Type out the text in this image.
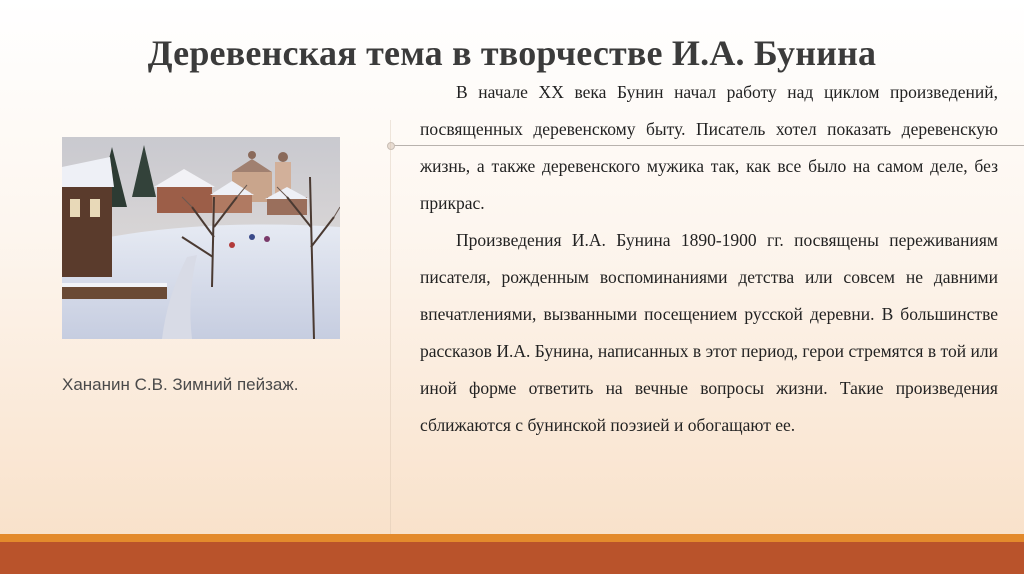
Деревенская тема в творчестве И.А. Бунина
Хананин С.В. Зимний пейзаж.

В начале XX века Бунин начал работу над циклом произведений, посвященных деревенскому быту. Писатель хотел показать деревенскую жизнь, а также деревенского мужика так, как все было на самом деле, без прикрас.

Произведения И.А. Бунина 1890-1900 гг. посвящены переживаниям писателя, рожденным воспоминаниями детства или совсем не давними впечатлениями, вызванными посещением русской деревни. В большинстве рассказов И.А. Бунина, написанных в этот период, герои стремятся в той или иной форме ответить на вечные вопросы жизни. Такие произведения сближаются с бунинской поэзией и обогащают ее.
